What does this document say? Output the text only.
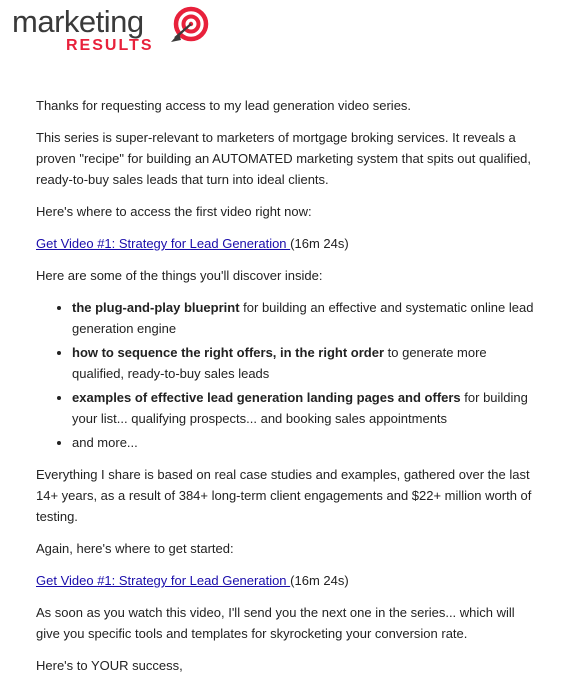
marketing
RESULTS

Thanks for requesting access to my lead generation video series.

This series is super-relevant to marketers of mortgage broking services. It reveals a proven "recipe" for building an AUTOMATED marketing system that spits out qualified, ready-to-buy sales leads that turn into ideal clients.

Here's where to access the first video right now:

Get Video #1: Strategy for Lead Generation (16m 24s)

Here are some of the things you'll discover inside:

• the plug-and-play blueprint for building an effective and systematic online lead generation engine
• how to sequence the right offers, in the right order to generate more qualified, ready-to-buy sales leads
• examples of effective lead generation landing pages and offers for building your list... qualifying prospects... and booking sales appointments
• and more...

Everything I share is based on real case studies and examples, gathered over the last 14+ years, as a result of 384+ long-term client engagements and $22+ million worth of testing.

Again, here's where to get started:

Get Video #1: Strategy for Lead Generation (16m 24s)

As soon as you watch this video, I'll send you the next one in the series... which will give you specific tools and templates for skyrocketing your conversion rate.

Here's to YOUR success,
